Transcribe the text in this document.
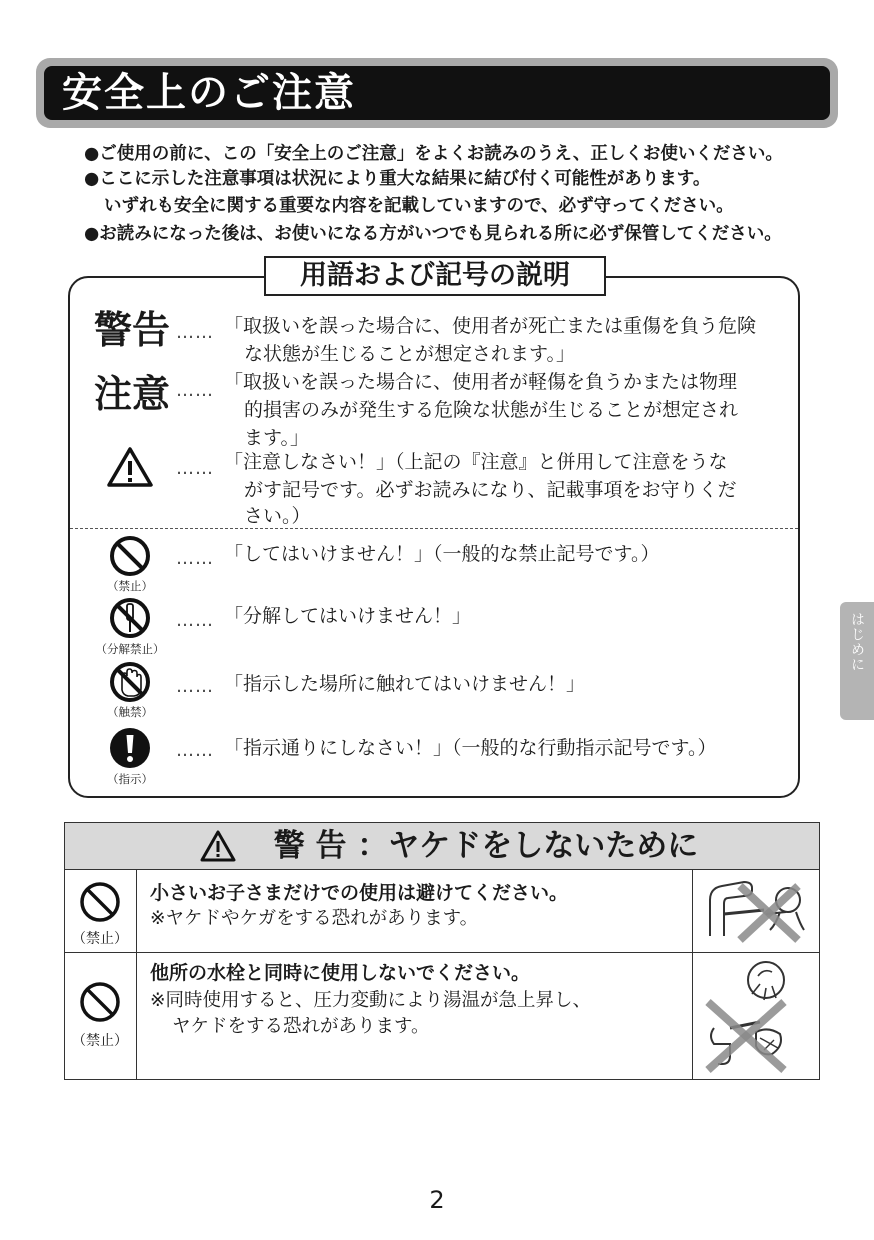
安全上のご注意
●ご使用の前に、この「安全上のご注意」をよくお読みのうえ、正しくお使いください。
●ここに示した注意事項は状況により重大な結果に結び付く可能性があります。
いずれも安全に関する重要な内容を記載していますので、必ず守ってください。
●お読みになった後は、お使いになる方がいつでも見られる所に必ず保管してください。
用語および記号の説明
警告 …… 「取扱いを誤った場合に、使用者が死亡または重傷を負う危険
な状態が生じることが想定されます。」
注意 …… 「取扱いを誤った場合に、使用者が軽傷を負うかまたは物理
的損害のみが発生する危険な状態が生じることが想定され
ます。」
…… 「注意しなさい！」（上記の『注意』と併用して注意をうな
がす記号です。必ずお読みになり、記載事項をお守りくだ
さい。）
（禁止）
…… 「してはいけません！」（一般的な禁止記号です。）
（分解禁止）
…… 「分解してはいけません！」
（触禁）
…… 「指示した場所に触れてはいけません！」
（指示）
…… 「指示通りにしなさい！」（一般的な行動指示記号です。）
警 告 ：ヤケドをしないために
（禁止）
小さいお子さまだけでの使用は避けてください。
※ヤケドやケガをする恐れがあります。
（禁止）
他所の水栓と同時に使用しないでください。
※同時使用すると、圧力変動により湯温が急上昇し、
ヤケドをする恐れがあります。
はじめに
2
